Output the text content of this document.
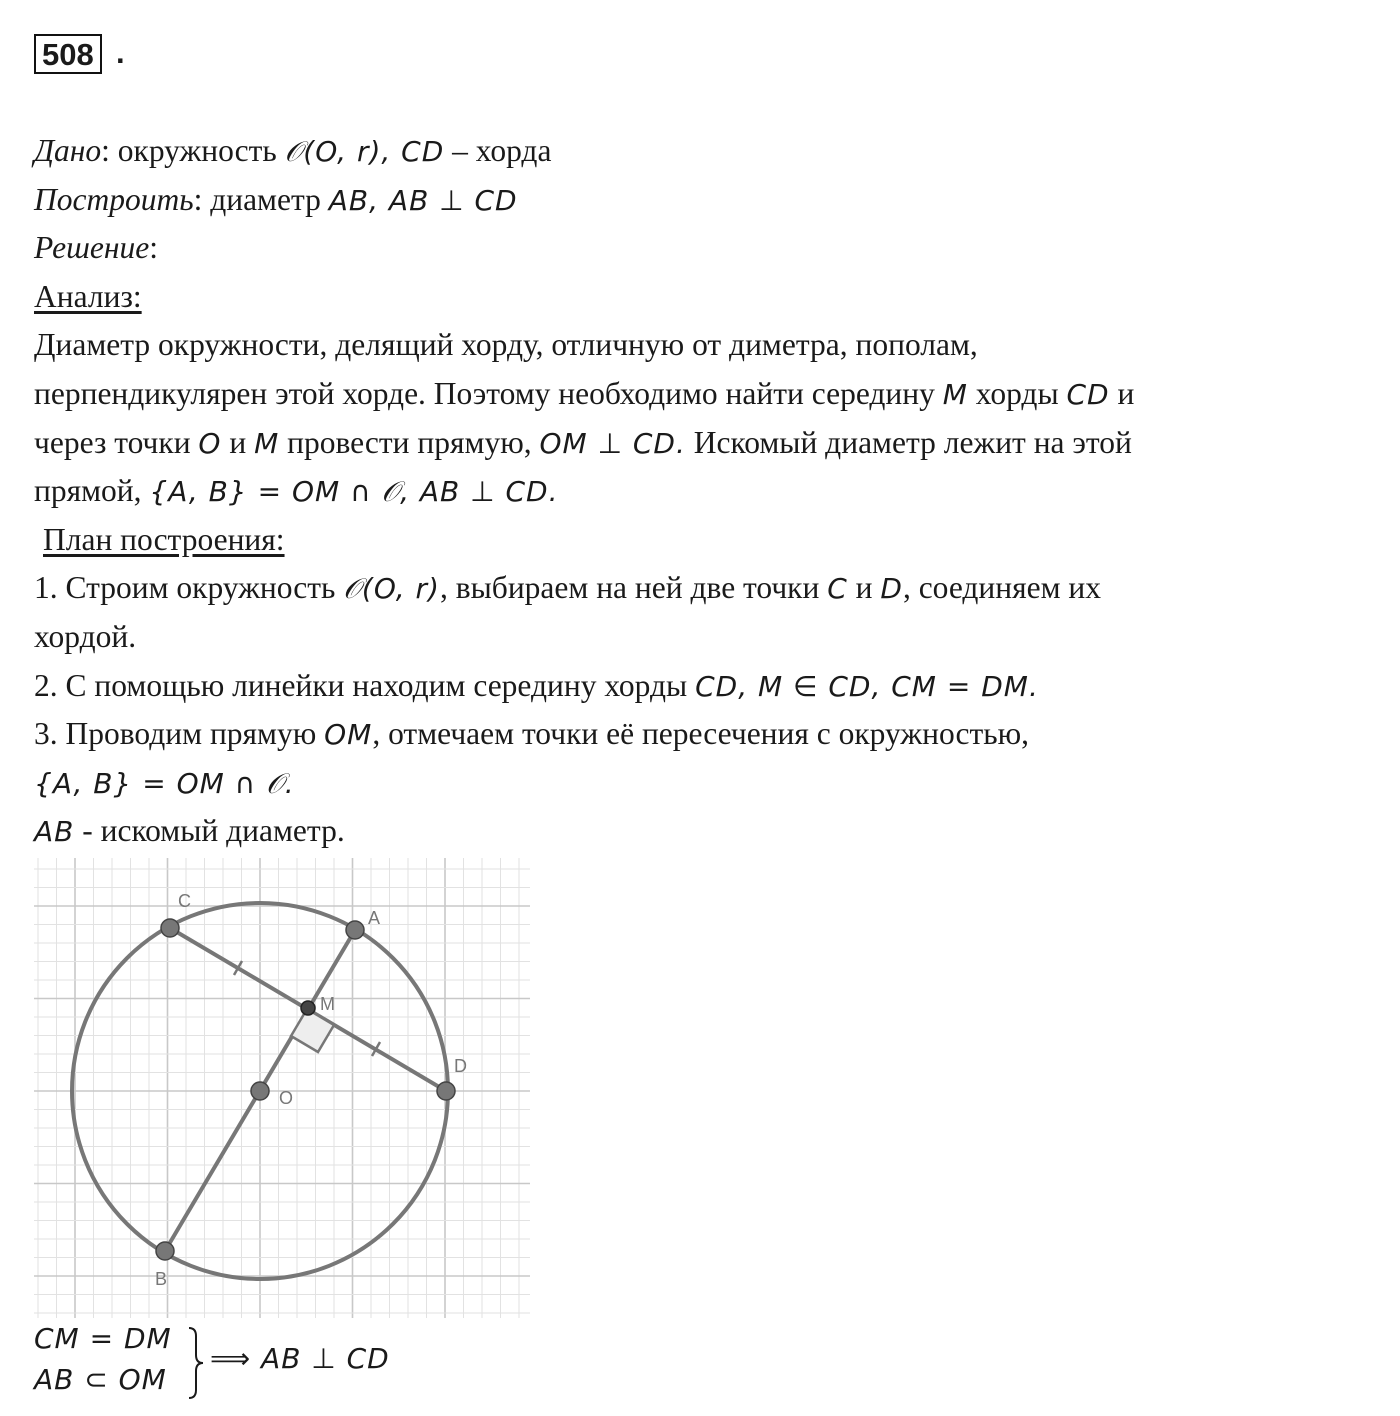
508 .
Дано: окружность 𝒪(O, r), CD – хорда
Построить: диаметр AB, AB ⊥ CD
Решение:
Анализ:
Диаметр окружности, делящий хорду, отличную от диметра, пополам,
перпендикулярен этой хорде. Поэтому необходимо найти середину M хорды CD и
через точки O и M провести прямую, OM ⊥ CD. Искомый диаметр лежит на этой
прямой, {A, B} = OM ∩ 𝒪, AB ⊥ CD.
План построения:
1. Строим окружность 𝒪(O, r), выбираем на ней две точки C и D, соединяем их
хордой.
2. С помощью линейки находим середину хорды CD, M ∈ CD, CM = DM.
3. Проводим прямую OM, отмечаем точки её пересечения с окружностью,
{A, B} = OM ∩ 𝒪.
AB - искомый диаметр.
C
A
M
D
O
B
CM = DM
AB ⊂ OM
⟹ AB ⊥ CD
